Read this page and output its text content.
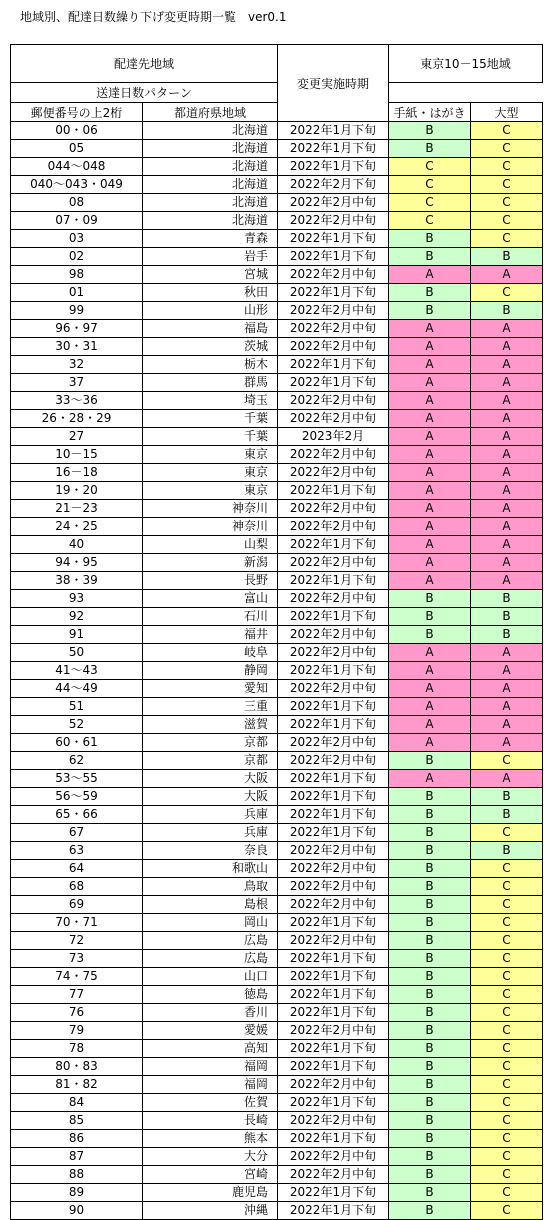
地域別、配達日数繰り下げ変更時期一覧　ver0.1
配達先地域		変更実施時期	東京10－15地域	
送達日数パターン				
郵便番号の上2桁	都道府県地域		手紙・はがき	大型
00・06	北海道	2022年1月下旬	B	C
05	北海道	2022年1月下旬	B	C
044～048	北海道	2022年1月下旬	C	C
040～043・049	北海道	2022年2月下旬	C	C
08	北海道	2022年2月中旬	C	C
07・09	北海道	2022年2月中旬	C	C
03	青森	2022年1月下旬	B	C
02	岩手	2022年1月下旬	B	B
98	宮城	2022年2月中旬	A	A
01	秋田	2022年1月下旬	B	C
99	山形	2022年2月中旬	B	B
96・97	福島	2022年2月中旬	A	A
30・31	茨城	2022年2月中旬	A	A
32	栃木	2022年1月下旬	A	A
37	群馬	2022年1月下旬	A	A
33～36	埼玉	2022年2月中旬	A	A
26・28・29	千葉	2022年2月中旬	A	A
27	千葉	2023年2月	A	A
10－15	東京	2022年2月中旬	A	A
16－18	東京	2022年2月中旬	A	A
19・20	東京	2022年1月下旬	A	A
21－23	神奈川	2022年2月中旬	A	A
24・25	神奈川	2022年2月中旬	A	A
40	山梨	2022年1月下旬	A	A
94・95	新潟	2022年2月中旬	A	A
38・39	長野	2022年1月下旬	A	A
93	富山	2022年2月中旬	B	B
92	石川	2022年1月下旬	B	B
91	福井	2022年2月中旬	B	B
50	岐阜	2022年2月中旬	A	A
41～43	静岡	2022年1月下旬	A	A
44～49	愛知	2022年2月中旬	A	A
51	三重	2022年1月下旬	A	A
52	滋賀	2022年1月下旬	A	A
60・61	京都	2022年2月中旬	A	A
62	京都	2022年2月中旬	B	C
53～55	大阪	2022年1月下旬	A	A
56～59	大阪	2022年1月下旬	B	B
65・66	兵庫	2022年1月下旬	B	B
67	兵庫	2022年1月下旬	B	C
63	奈良	2022年2月中旬	B	B
64	和歌山	2022年2月中旬	B	C
68	鳥取	2022年2月中旬	B	C
69	島根	2022年2月中旬	B	C
70・71	岡山	2022年1月下旬	B	C
72	広島	2022年2月中旬	B	C
73	広島	2022年1月下旬	B	C
74・75	山口	2022年1月下旬	B	C
77	徳島	2022年1月下旬	B	C
76	香川	2022年1月下旬	B	C
79	愛媛	2022年2月中旬	B	C
78	高知	2022年1月下旬	B	C
80・83	福岡	2022年1月下旬	B	C
81・82	福岡	2022年2月中旬	B	C
84	佐賀	2022年1月下旬	B	C
85	長崎	2022年2月中旬	B	C
86	熊本	2022年1月下旬	B	C
87	大分	2022年2月中旬	B	C
88	宮崎	2022年2月中旬	B	C
89	鹿児島	2022年1月下旬	B	C
90	沖縄	2022年1月下旬	B	C
